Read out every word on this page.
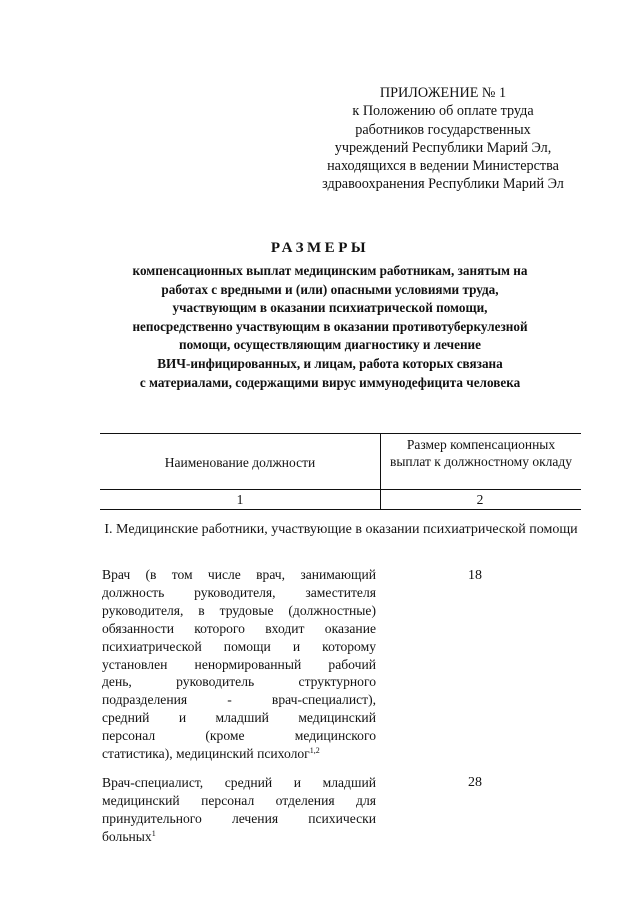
ПРИЛОЖЕНИЕ № 1
к Положению об оплате труда
работников государственных
учреждений Республики Марий Эл,
находящихся в ведении Министерства
здравоохранения Республики Марий Эл
РАЗМЕРЫ
компенсационных выплат медицинским работникам, занятым на
работах с вредными и (или) опасными условиями труда,
участвующим в оказании психиатрической помощи,
непосредственно участвующим в оказании противотуберкулезной
помощи, осуществляющим диагностику и лечение
ВИЧ-инфицированных, и лицам, работа которых связана
с материалами, содержащими вирус иммунодефицита человека
Наименование должности
Размер компенсационных выплат к должностному окладу
1	2
I. Медицинские работники, участвующие в оказании психиатрической помощи
Врач (в том числе врач, занимающий
должность руководителя, заместителя
руководителя, в трудовые (должностные)
обязанности которого входит оказание
психиатрической помощи и которому
установлен ненормированный рабочий
день, руководитель структурного
подразделения - врач-специалист),
средний и младший медицинский
персонал (кроме медицинского
статистика), медицинский психолог$^{1,2}$
18
Врач-специалист, средний и младший
медицинский персонал отделения для
принудительного лечения психически
больных$^1$
28
